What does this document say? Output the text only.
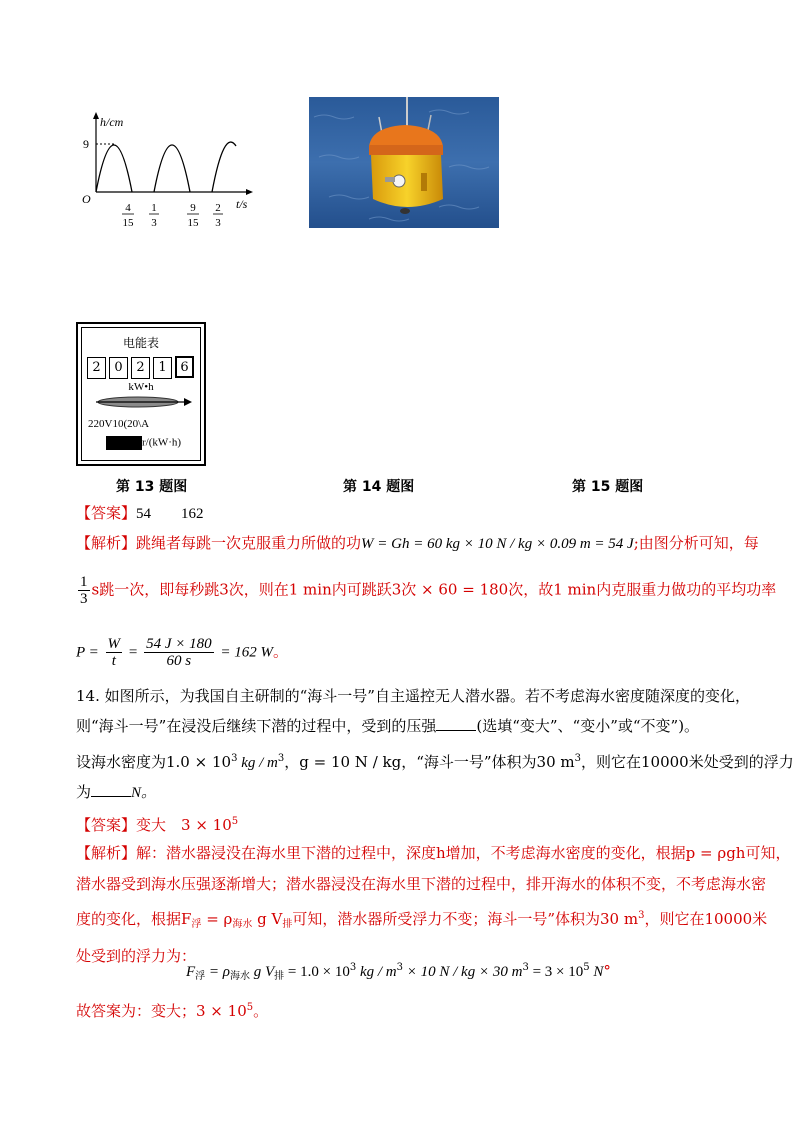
h/cm
9
O	t/s
4
15
1
3
9
15
2
3
电能表
2 0 2 1 6
kW•h
220V10(20\A
r/(kW·h)
第 13 题图	第 14 题图	第 15 题图
【答案】54　　162
【解析】跳绳者每跳一次克服重力所做的功W = Gh = 60 kg × 10 N / kg × 0.09 m = 54 J;由图分析可知，每
$\frac{1}{3}$ s跳一次，即每秒跳3次，则在1 min内可跳跃3次 × 60 = 180次，故1 min内克服重力做功的平均功率
$P = \frac{W}{t} = \frac{54 J \times 180}{60 s} = 162$ W。
14. 如图所示，为我国自主研制的“海斗一号”自主遥控无人潜水器。若不考虑海水密度随深度的变化，
则“海斗一号”在浸没后继续下潜的过程中，受到的压强	(选填“变大”、“变小”或“不变”)。
设海水密度为$1.0 \times 10^3$ kg / $m^3$，g = 10 N / kg，“海斗一号”体积为30 $m^3$，则它在10000米处受到的浮力
为	N。
【答案】变大　$3 \times 10^5$
【解析】解：潜水器浸没在海水里下潜的过程中，深度h增加，不考虑海水密度的变化，根据p = ρgh可知，
潜水器受到海水压强逐渐增大；潜水器浸没在海水里下潜的过程中，排开海水的体积不变，不考虑海水密
度的变化，根据$F_浮 = \rho_{海水}$ g $V_排$可知，潜水器所受浮力不变；海斗一号”体积为30 $m^3$，则它在10000米
处受到的浮力为：
$F_浮 = \rho_{海水}$ g $V_排 = 1.0 \times 10^3$ kg / $m^3 \times 10$ N / kg × 30 $m^3 = 3 \times 10^5$ N°
故答案为：变大；$3 \times 10^5$。
